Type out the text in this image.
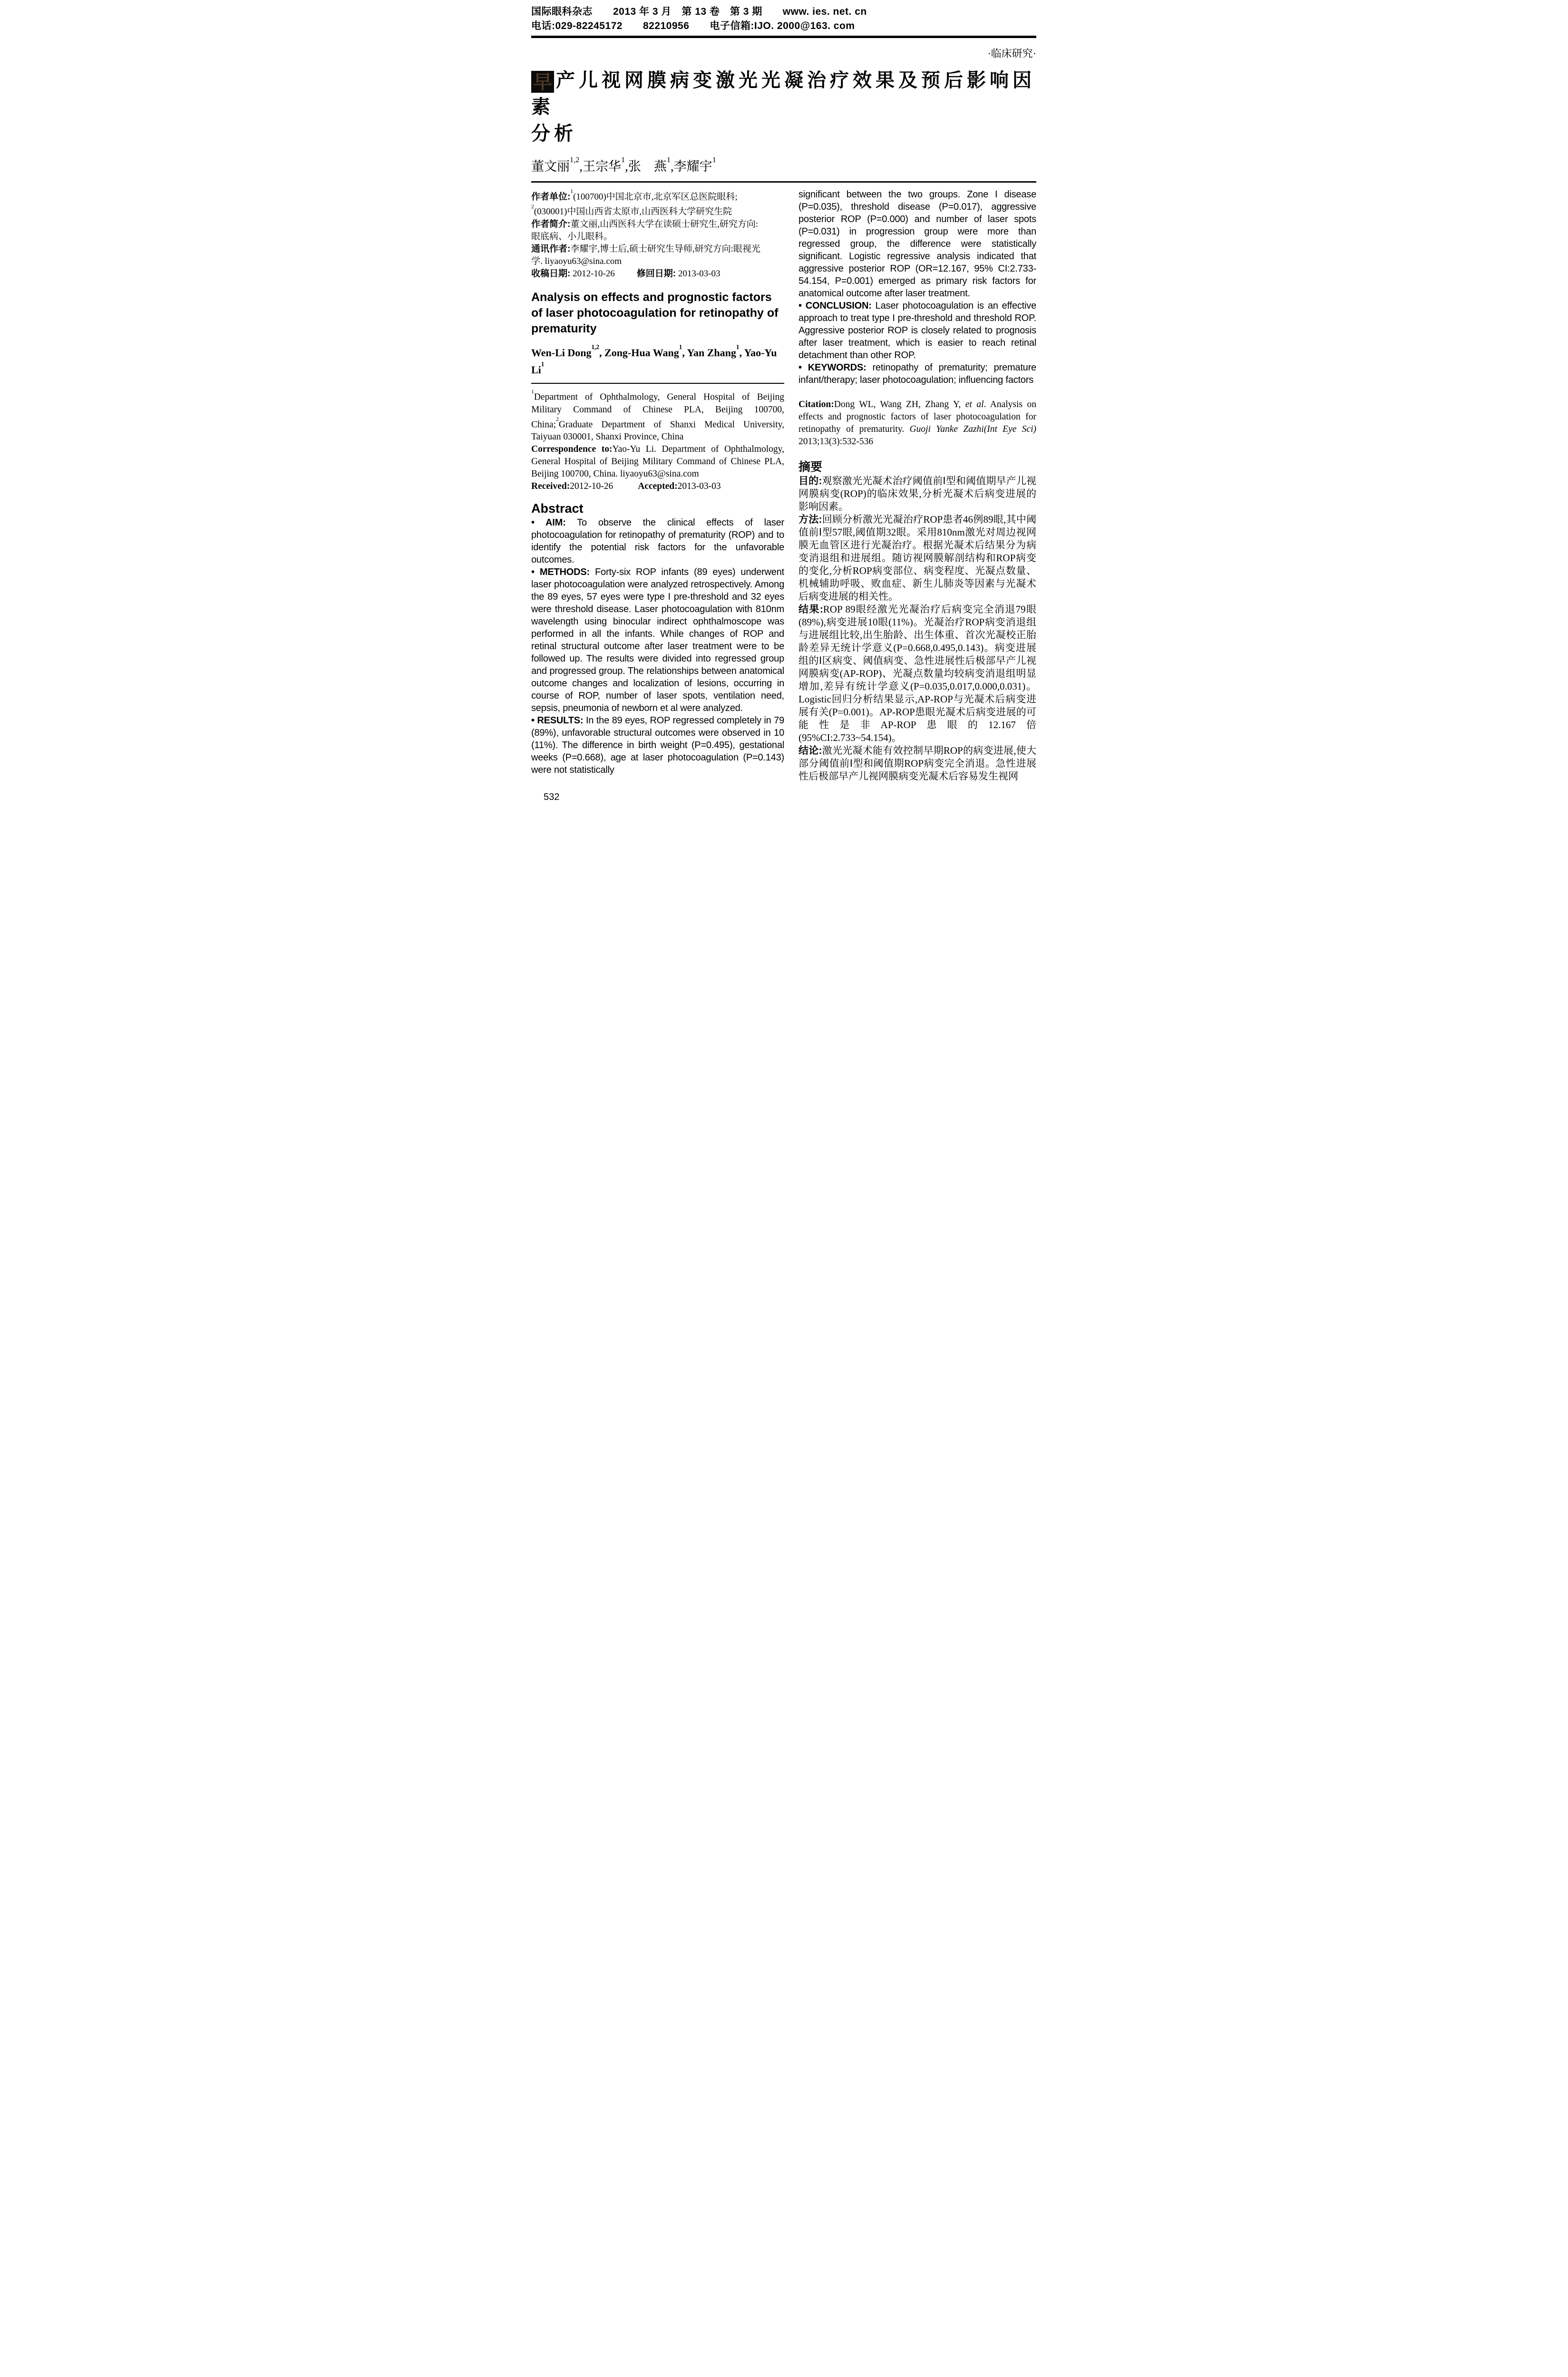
国际眼科杂志　　2013 年 3 月　第 13 卷　第 3 期　　www. ies. net. cn
电话:029-82245172　　82210956　　电子信箱:IJO. 2000@163. com
·临床研究·
早 产儿视网膜病变激光光凝治疗效果及预后影响因素
分析
董文丽$^{1,2}$,王宗华$^1$,张　燕$^1$,李耀宇$^1$
作者单位:$^1$(100700)中国北京市,北京军区总医院眼科;
$^2$(030001)中国山西省太原市,山西医科大学研究生院
作者简介:董文丽,山西医科大学在读硕士研究生,研究方向:
眼底病、小儿眼科。
通讯作者:李耀宇,博士后,硕士研究生导师,研究方向:眼视光
学. liyaoyu63@sina.com
收稿日期: 2012-10-26 修回日期: 2013-03-03
Analysis on effects and prognostic factors of laser photocoagulation for retinopathy of prematurity
Wen-Li Dong$^{1,2}$, Zong-Hua Wang$^1$, Yan Zhang$^1$, Yao-Yu Li$^1$
$^1$Department of Ophthalmology, General Hospital of Beijing Military Command of Chinese PLA, Beijing 100700, China;$^2$Graduate Department of Shanxi Medical University, Taiyuan 030001, Shanxi Province, China
Correspondence to:Yao-Yu Li. Department of Ophthalmology, General Hospital of Beijing Military Command of Chinese PLA, Beijing 100700, China. liyaoyu63@sina.com
Received:2012-10-26	Accepted:2013-03-03
Abstract
• AIM: To observe the clinical effects of laser photocoagulation for retinopathy of prematurity (ROP) and to identify the potential risk factors for the unfavorable outcomes.
• METHODS: Forty-six ROP infants (89 eyes) underwent laser photocoagulation were analyzed retrospectively. Among the 89 eyes, 57 eyes were type I pre-threshold and 32 eyes were threshold disease. Laser photocoagulation with 810nm wavelength using binocular indirect ophthalmoscope was performed in all the infants. While changes of ROP and retinal structural outcome after laser treatment were to be followed up. The results were divided into regressed group and progressed group. The relationships between anatomical outcome changes and localization of lesions, occurring in course of ROP, number of laser spots, ventilation need, sepsis, pneumonia of newborn et al were analyzed.
• RESULTS: In the 89 eyes, ROP regressed completely in 79 (89%), unfavorable structural outcomes were observed in 10 (11%). The difference in birth weight (P=0.495), gestational weeks (P=0.668), age at laser photocoagulation (P=0.143) were not statistically
532
significant between the two groups. Zone I disease (P=0.035), threshold disease (P=0.017), aggressive posterior ROP (P=0.000) and number of laser spots (P=0.031) in progression group were more than regressed group, the difference were statistically significant. Logistic regressive analysis indicated that aggressive posterior ROP (OR=12.167, 95% CI:2.733-54.154, P=0.001) emerged as primary risk factors for anatomical outcome after laser treatment.
• CONCLUSION: Laser photocoagulation is an effective approach to treat type I pre-threshold and threshold ROP. Aggressive posterior ROP is closely related to prognosis after laser treatment, which is easier to reach retinal detachment than other ROP.
• KEYWORDS: retinopathy of prematurity; premature infant/therapy; laser photocoagulation; influencing factors
Citation:Dong WL, Wang ZH, Zhang Y, et al. Analysis on effects and prognostic factors of laser photocoagulation for retinopathy of prematurity. Guoji Yanke Zazhi(Int Eye Sci) 2013;13(3):532-536
摘要
目的:观察激光光凝术治疗阈值前Ⅰ型和阈值期早产儿视网膜病变(ROP)的临床效果,分析光凝术后病变进展的影响因素。
方法:回顾分析激光光凝治疗ROP患者46例89眼,其中阈值前Ⅰ型57眼,阈值期32眼。采用810nm激光对周边视网膜无血管区进行光凝治疗。根据光凝术后结果分为病变消退组和进展组。随访视网膜解剖结构和ROP病变的变化,分析ROP病变部位、病变程度、光凝点数量、机械辅助呼吸、败血症、新生儿肺炎等因素与光凝术后病变进展的相关性。
结果:ROP 89眼经激光光凝治疗后病变完全消退79眼(89%),病变进展10眼(11%)。光凝治疗ROP病变消退组与进展组比较,出生胎龄、出生体重、首次光凝校正胎龄差异无统计学意义(P=0.668,0.495,0.143)。病变进展组的Ⅰ区病变、阈值病变、急性进展性后极部早产儿视网膜病变(AP-ROP)、光凝点数量均较病变消退组明显增加,差异有统计学意义(P=0.035,0.017,0.000,0.031)。Logistic回归分析结果显示,AP-ROP与光凝术后病变进展有关(P=0.001)。AP-ROP患眼光凝术后病变进展的可能性是非AP-ROP患眼的12.167倍(95%CI:2.733~54.154)。
结论:激光光凝术能有效控制早期ROP的病变进展,使大部分阈值前Ⅰ型和阈值期ROP病变完全消退。急性进展性后极部早产儿视网膜病变光凝术后容易发生视网
